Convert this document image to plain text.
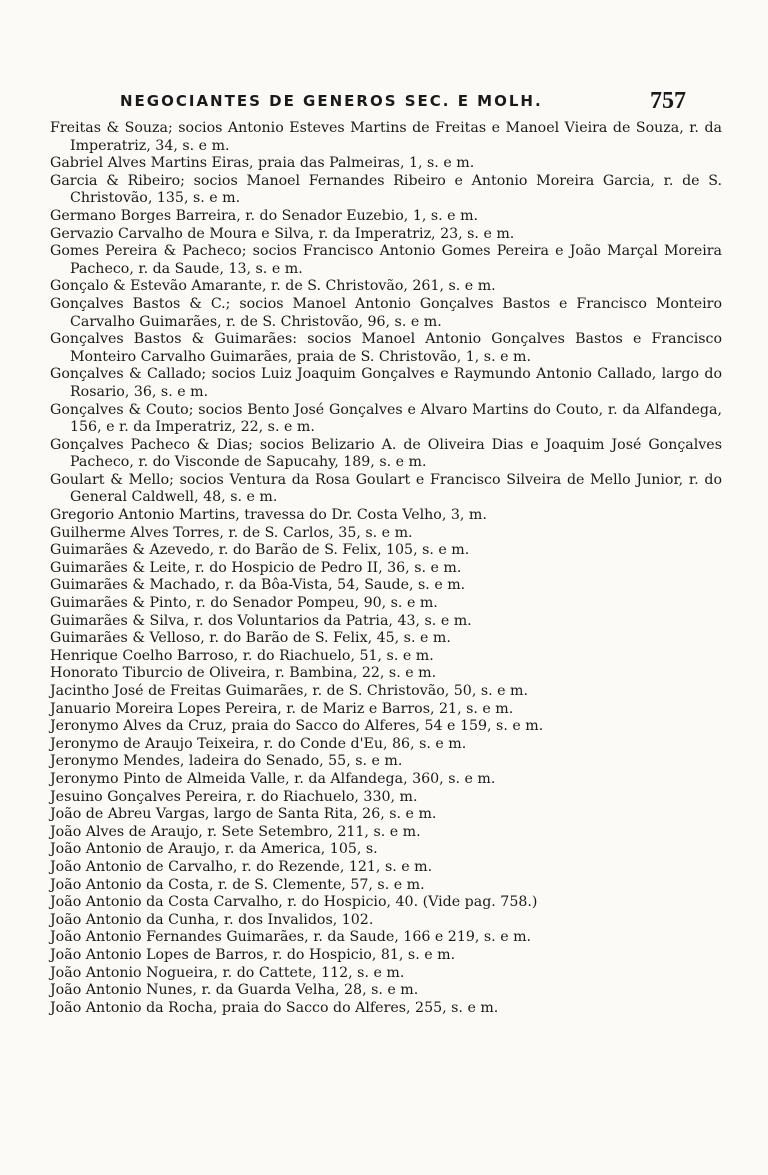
NEGOCIANTES DE GENEROS SEC. E MOLH.	757
Freitas & Souza; socios Antonio Esteves Martins de Freitas e Manoel Vieira de Souza, r. da Imperatriz, 34, s. e m.
Gabriel Alves Martins Eiras, praia das Palmeiras, 1, s. e m.
Garcia & Ribeiro; socios Manoel Fernandes Ribeiro e Antonio Moreira Garcia, r. de S. Christovão, 135, s. e m.
Germano Borges Barreira, r. do Senador Euzebio, 1, s. e m.
Gervazio Carvalho de Moura e Silva, r. da Imperatriz, 23, s. e m.
Gomes Pereira & Pacheco; socios Francisco Antonio Gomes Pereira e João Marçal Moreira Pacheco, r. da Saude, 13, s. e m.
Gonçalo & Estevão Amarante, r. de S. Christovão, 261, s. e m.
Gonçalves Bastos & C.; socios Manoel Antonio Gonçalves Bastos e Francisco Monteiro Carvalho Guimarães, r. de S. Christovão, 96, s. e m.
Gonçalves Bastos & Guimarães: socios Manoel Antonio Gonçalves Bastos e Francisco Monteiro Carvalho Guimarães, praia de S. Christovão, 1, s. e m.
Gonçalves & Callado; socios Luiz Joaquim Gonçalves e Raymundo Antonio Callado, largo do Rosario, 36, s. e m.
Gonçalves & Couto; socios Bento José Gonçalves e Alvaro Martins do Couto, r. da Alfandega, 156, e r. da Imperatriz, 22, s. e m.
Gonçalves Pacheco & Dias; socios Belizario A. de Oliveira Dias e Joaquim José Gonçalves Pacheco, r. do Visconde de Sapucahy, 189, s. e m.
Goulart & Mello; socios Ventura da Rosa Goulart e Francisco Silveira de Mello Junior, r. do General Caldwell, 48, s. e m.
Gregorio Antonio Martins, travessa do Dr. Costa Velho, 3, m.
Guilherme Alves Torres, r. de S. Carlos, 35, s. e m.
Guimarães & Azevedo, r. do Barão de S. Felix, 105, s. e m.
Guimarães & Leite, r. do Hospicio de Pedro II, 36, s. e m.
Guimarães & Machado, r. da Bôa-Vista, 54, Saude, s. e m.
Guimarães & Pinto, r. do Senador Pompeu, 90, s. e m.
Guimarães & Silva, r. dos Voluntarios da Patria, 43, s. e m.
Guimarães & Velloso, r. do Barão de S. Felix, 45, s. e m.
Henrique Coelho Barroso, r. do Riachuelo, 51, s. e m.
Honorato Tiburcio de Oliveira, r. Bambina, 22, s. e m.
Jacintho José de Freitas Guimarães, r. de S. Christovão, 50, s. e m.
Januario Moreira Lopes Pereira, r. de Mariz e Barros, 21, s. e m.
Jeronymo Alves da Cruz, praia do Sacco do Alferes, 54 e 159, s. e m.
Jeronymo de Araujo Teixeira, r. do Conde d'Eu, 86, s. e m.
Jeronymo Mendes, ladeira do Senado, 55, s. e m.
Jeronymo Pinto de Almeida Valle, r. da Alfandega, 360, s. e m.
Jesuino Gonçalves Pereira, r. do Riachuelo, 330, m.
João de Abreu Vargas, largo de Santa Rita, 26, s. e m.
João Alves de Araujo, r. Sete Setembro, 211, s. e m.
João Antonio de Araujo, r. da America, 105, s.
João Antonio de Carvalho, r. do Rezende, 121, s. e m.
João Antonio da Costa, r. de S. Clemente, 57, s. e m.
João Antonio da Costa Carvalho, r. do Hospicio, 40. (Vide pag. 758.)
João Antonio da Cunha, r. dos Invalidos, 102.
João Antonio Fernandes Guimarães, r. da Saude, 166 e 219, s. e m.
João Antonio Lopes de Barros, r. do Hospicio, 81, s. e m.
João Antonio Nogueira, r. do Cattete, 112, s. e m.
João Antonio Nunes, r. da Guarda Velha, 28, s. e m.
João Antonio da Rocha, praia do Sacco do Alferes, 255, s. e m.
